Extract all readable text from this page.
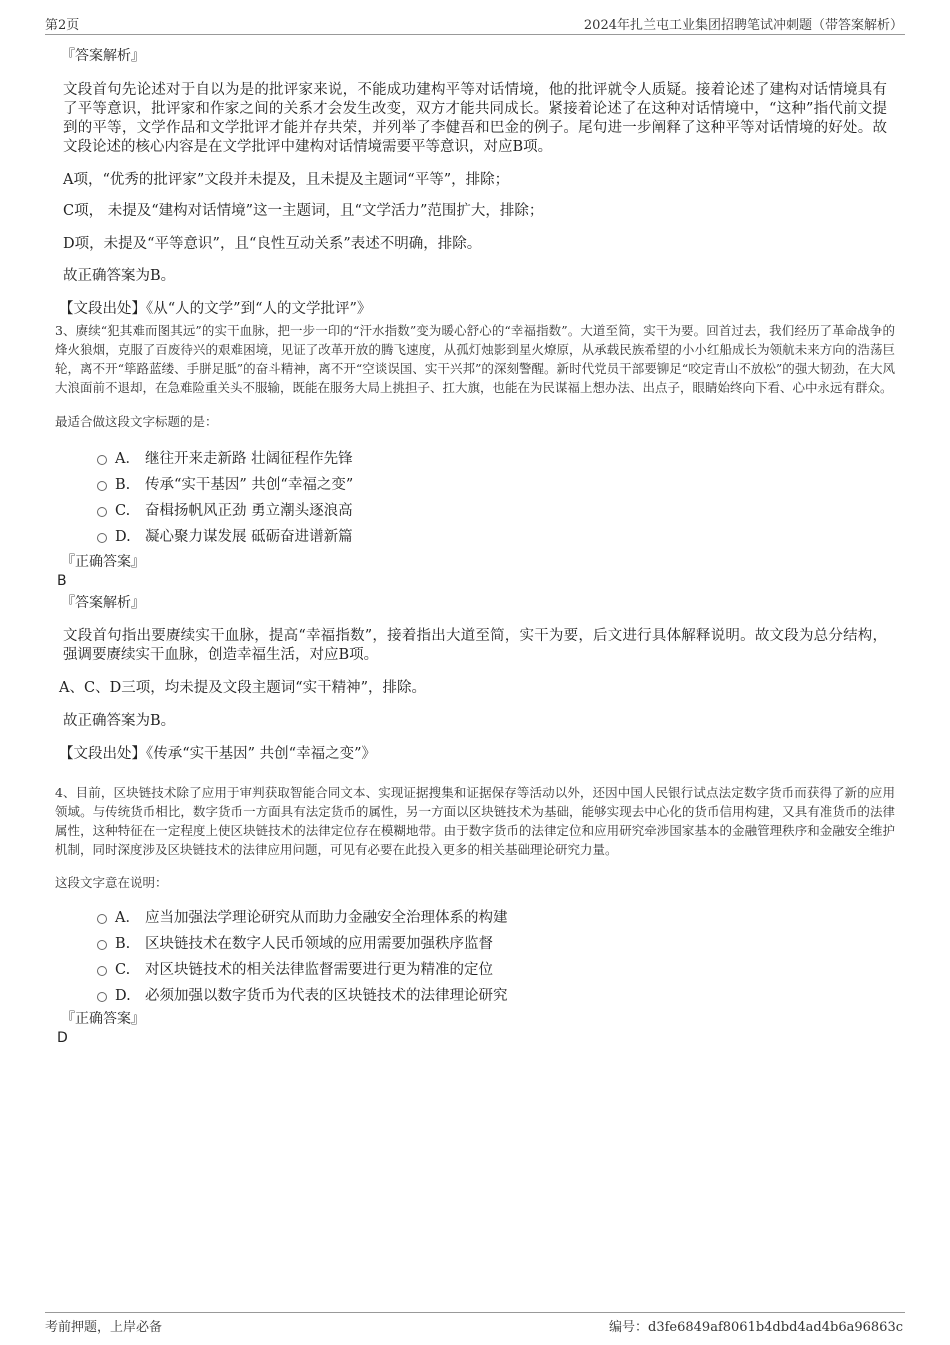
第2页	2024年扎兰屯工业集团招聘笔试冲刺题（带答案解析）
『答案解析』

文段首句先论述对于自以为是的批评家来说，不能成功建构平等对话情境，他的批评就令人质疑。接着论述了建构对话情境具有了平等意识，批评家和作家之间的关系才会发生改变，双方才能共同成长。紧接着论述了在这种对话情境中，“这种”指代前文提到的平等，文学作品和文学批评才能并存共荣，并列举了李健吾和巴金的例子。尾句进一步阐释了这种平等对话情境的好处。故文段论述的核心内容是在文学批评中建构对话情境需要平等意识，对应B项。

A项，“优秀的批评家”文段并未提及，且未提及主题词“平等”，排除；

C项， 未提及“建构对话情境”这一主题词，且“文学活力”范围扩大，排除；

D项，未提及“平等意识”，且“良性互动关系”表述不明确，排除。

故正确答案为B。

【文段出处】《从“人的文学”到“人的文学批评”》

3、赓续“犯其难而图其远”的实干血脉，把一步一印的“汗水指数”变为暖心舒心的“幸福指数”。大道至简，实干为要。回首过去，我们经历了革命战争的烽火狼烟，克服了百废待兴的艰难困境，见证了改革开放的腾飞速度，从孤灯烛影到星火燎原，从承载民族希望的小小红船成长为领航未来方向的浩荡巨轮，离不开“筚路蓝缕、手胼足胝”的奋斗精神，离不开“空谈误国、实干兴邦”的深刻警醒。新时代党员干部要铆足“咬定青山不放松”的强大韧劲，在大风大浪面前不退却，在急难险重关头不服输，既能在服务大局上挑担子、扛大旗，也能在为民谋福上想办法、出点子，眼睛始终向下看、心中永远有群众。

最适合做这段文字标题的是：

A． 继往开来走新路 壮阔征程作先锋
B. 传承“实干基因” 共创“幸福之变”
C. 奋楫扬帆风正劲 勇立潮头逐浪高
D. 凝心聚力谋发展 砥砺奋进谱新篇
『正确答案』
B
『答案解析』

文段首句指出要赓续实干血脉，提高“幸福指数”，接着指出大道至简，实干为要，后文进行具体解释说明。故文段为总分结构，强调要赓续实干血脉，创造幸福生活，对应B项。

A、C、D三项，均未提及文段主题词“实干精神”，排除。

故正确答案为B。

【文段出处】《传承“实干基因” 共创“幸福之变”》

4、目前，区块链技术除了应用于审判获取智能合同文本、实现证据搜集和证据保存等活动以外，还因中国人民银行试点法定数字货币而获得了新的应用领域。与传统货币相比，数字货币一方面具有法定货币的属性，另一方面以区块链技术为基础，能够实现去中心化的货币信用构建，又具有准货币的法律属性，这种特征在一定程度上使区块链技术的法律定位存在模糊地带。由于数字货币的法律定位和应用研究牵涉国家基本的金融管理秩序和金融安全维护机制，同时深度涉及区块链技术的法律应用问题，可见有必要在此投入更多的相关基础理论研究力量。

这段文字意在说明：

A． 应当加强法学理论研究从而助力金融安全治理体系的构建
B. 区块链技术在数字人民币领域的应用需要加强秩序监督
C. 对区块链技术的相关法律监督需要进行更为精准的定位
D. 必须加强以数字货币为代表的区块链技术的法律理论研究
『正确答案』
D
考前押题，上岸必备	编号：d3fe6849af8061b4dbd4ad4b6a96863c
